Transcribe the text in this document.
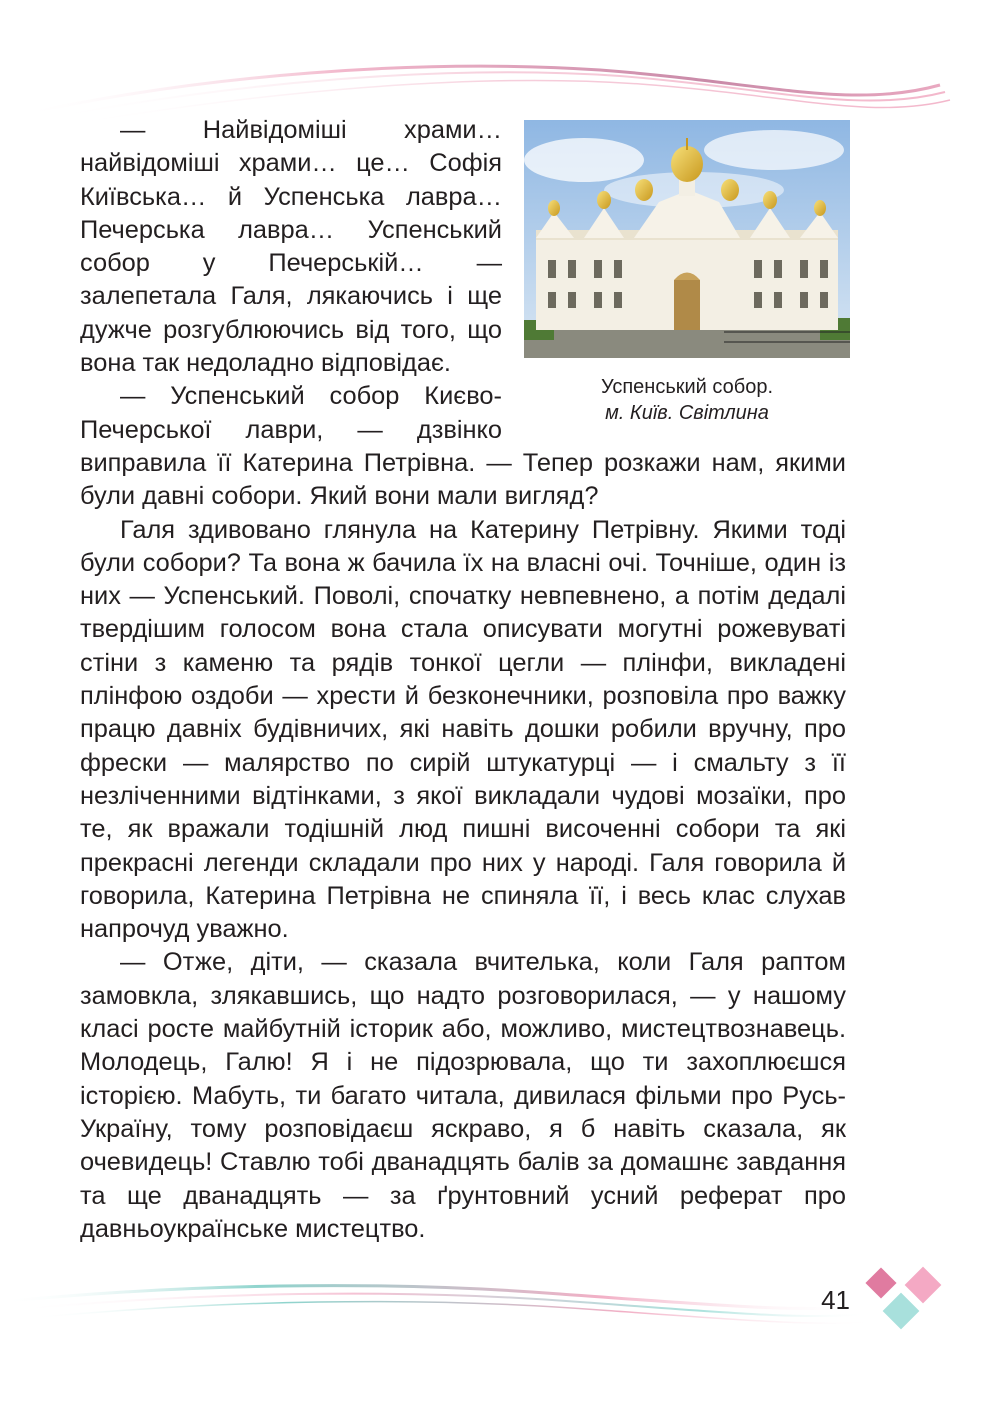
Успенський собор.
м. Київ. Світлина

— Найвідоміші храми… найвідоміші храми… це… Софія Київська… й Успенська лавра… Печерська лавра… Успенський собор у Печерській… — залепетала Галя, лякаючись і ще дужче розгублюючись від того, що вона так недоладно відповідає.

— Успенський собор Києво-Печерської лаври, — дзвінко виправила її Катерина Петрівна. — Тепер розкажи нам, якими були давні собори. Який вони мали вигляд?

Галя здивовано глянула на Катерину Петрівну. Якими тоді були собори? Та вона ж бачила їх на власні очі. Точніше, один із них — Успенський. Поволі, спочатку невпевнено, а потім дедалі твердішим голосом вона стала описувати могутні рожевуваті стіни з каменю та рядів тонкої цегли — плінфи, викладені плінфою оздоби — хрести й безконечники, розповіла про важку працю давніх будівничих, які навіть дошки робили вручну, про фрески — малярство по сирій штукатурці — і смальту з її незліченними відтінками, з якої викладали чудові мозаїки, про те, як вражали тодішній люд пишні височенні собори та які прекрасні легенди складали про них у народі. Галя говорила й говорила, Катерина Петрівна не спиняла її, і весь клас слухав напрочуд уважно.

— Отже, діти, — сказала вчителька, коли Галя раптом замовкла, злякавшись, що надто розговорилася, — у нашому класі росте майбутній історик або, можливо, мистецтвознавець. Молодець, Галю! Я і не підозрювала, що ти захоплюєшся історією. Мабуть, ти багато читала, дивилася фільми про Русь-Україну, тому розповідаєш яскраво, я б навіть сказала, як очевидець! Ставлю тобі дванадцять балів за домашнє завдання та ще дванадцять — за ґрунтовний усний реферат про давньоукраїнське мистецтво.

41
